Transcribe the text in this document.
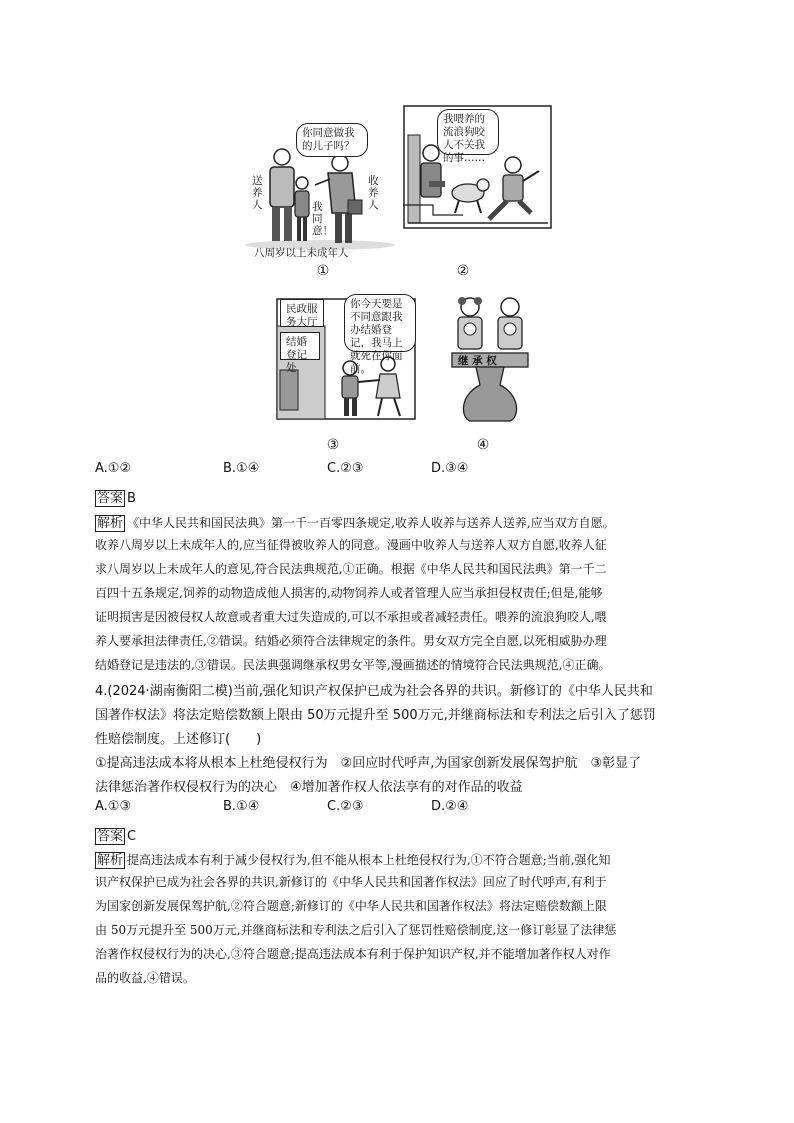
你同意做我的儿子吗？
送养人
收养人
我同意！
八周岁以上未成年人
①
我喂养的流浪狗咬人不关我的事……
②
民政服务大厅
结婚登记处
你今天要是不同意跟我办结婚登记，我马上就死在你面前。
③
继 承 权
④
A.①②	B.①④	C.②③	D.③④
答案 B
解析 《中华人民共和国民法典》第一千一百零四条规定,收养人收养与送养人送养,应当双方自愿。
收养八周岁以上未成年人的,应当征得被收养人的同意。漫画中收养人与送养人双方自愿,收养人征
求八周岁以上未成年人的意见,符合民法典规范,①正确。根据《中华人民共和国民法典》第一千二
百四十五条规定,饲养的动物造成他人损害的,动物饲养人或者管理人应当承担侵权责任;但是,能够
证明损害是因被侵权人故意或者重大过失造成的,可以不承担或者减轻责任。喂养的流浪狗咬人,喂
养人要承担法律责任,②错误。结婚必须符合法律规定的条件。男女双方完全自愿,以死相威胁办理
结婚登记是违法的,③错误。民法典强调继承权男女平等,漫画描述的情境符合民法典规范,④正确。
4.(2024·湖南衡阳二模)当前,强化知识产权保护已成为社会各界的共识。新修订的《中华人民共和
国著作权法》将法定赔偿数额上限由 50万元提升至 500万元,并继商标法和专利法之后引入了惩罚
性赔偿制度。上述修订(　　)
①提高违法成本将从根本上杜绝侵权行为　②回应时代呼声,为国家创新发展保驾护航　③彰显了
法律惩治著作权侵权行为的决心　④增加著作权人依法享有的对作品的收益
A.①③	B.①④	C.②③	D.②④
答案 C
解析 提高违法成本有利于减少侵权行为,但不能从根本上杜绝侵权行为,①不符合题意;当前,强化知
识产权保护已成为社会各界的共识,新修订的《中华人民共和国著作权法》回应了时代呼声,有利于
为国家创新发展保驾护航,②符合题意;新修订的《中华人民共和国著作权法》将法定赔偿数额上限
由 50万元提升至 500万元,并继商标法和专利法之后引入了惩罚性赔偿制度,这一修订彰显了法律惩
治著作权侵权行为的决心,③符合题意;提高违法成本有利于保护知识产权,并不能增加著作权人对作
品的收益,④错误。
